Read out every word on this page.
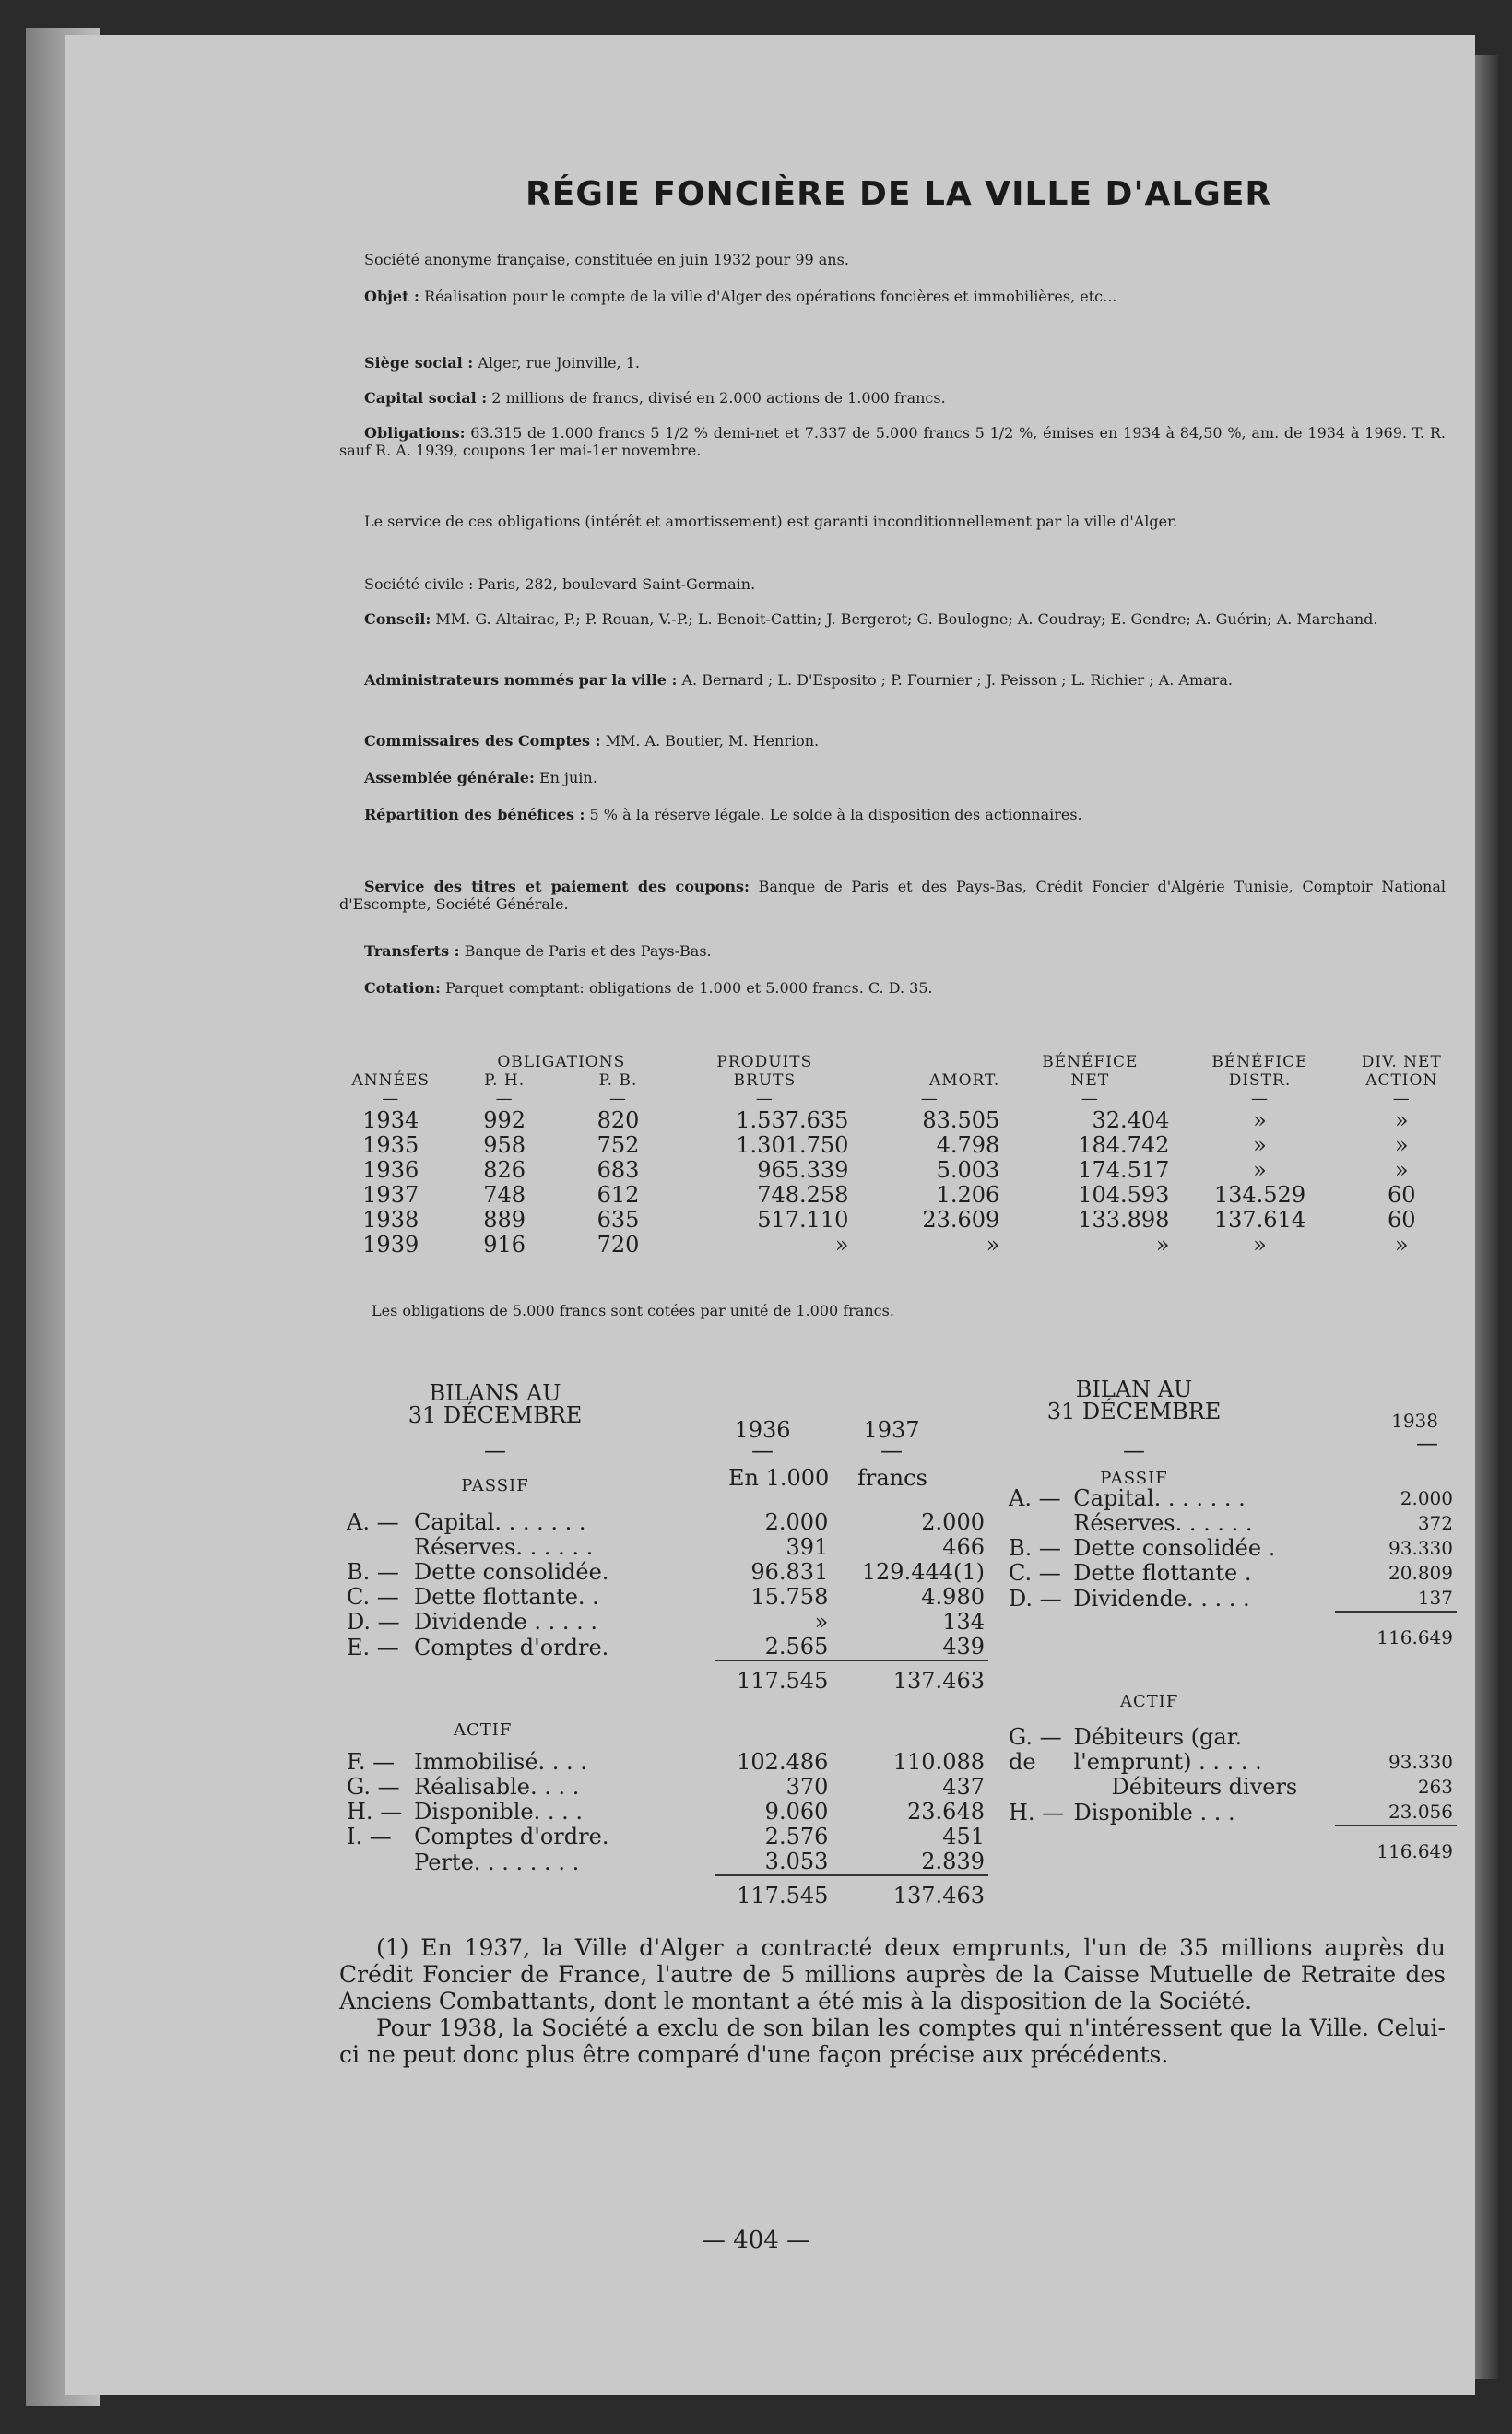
RÉGIE FONCIÈRE DE LA VILLE D'ALGER
Société anonyme française, constituée en juin 1932 pour 99 ans.
Objet : Réalisation pour le compte de la ville d'Alger des opérations foncières et immobilières, etc...
Siège social : Alger, rue Joinville, 1.
Capital social : 2 millions de francs, divisé en 2.000 actions de 1.000 francs.
Obligations: 63.315 de 1.000 francs 5 1/2 % demi-net et 7.337 de 5.000 francs 5 1/2 %, émises en 1934 à 84,50 %, am. de 1934 à 1969. T. R. sauf R. A. 1939, coupons 1er mai-1er novembre.
Le service de ces obligations (intérêt et amortissement) est garanti inconditionnellement par la ville d'Alger.
Société civile : Paris, 282, boulevard Saint-Germain.
Conseil: MM. G. Altairac, P.; P. Rouan, V.-P.; L. Benoit-Cattin; J. Bergerot; G. Boulogne; A. Coudray; E. Gendre; A. Guérin; A. Marchand.
Administrateurs nommés par la ville : A. Bernard ; L. D'Esposito ; P. Fournier ; J. Peisson ; L. Richier ; A. Amara.
Commissaires des Comptes : MM. A. Boutier, M. Henrion.
Assemblée générale: En juin.
Répartition des bénéfices : 5 % à la réserve légale. Le solde à la disposition des actionnaires.
Service des titres et paiement des coupons: Banque de Paris et des Pays-Bas, Crédit Foncier d'Algérie Tunisie, Comptoir National d'Escompte, Société Générale.
Transferts : Banque de Paris et des Pays-Bas.
Cotation: Parquet comptant: obligations de 1.000 et 5.000 francs. C. D. 35.
ANNÉES	OBLIGATIONS		PRODUITS	AMORT.	BÉNÉFICE	BÉNÉFICE	DIV. NET
	P. H.	P. B.	BRUTS		NET	DISTR.	ACTION

—	—	—	—	—	—	—	—

1934	992	820	1.537.635	83.505	32.404	»	»
1935	958	752	1.301.750	4.798	184.742	»	»
1936	826	683	965.339	5.003	174.517	»	»
1937	748	612	748.258	1.206	104.593	134.529	60
1938	889	635	517.110	23.609	133.898	137.614	60
1939	916	720	»	»	»	»	»
Les obligations de 5.000 francs sont cotées par unité de 1.000 francs.
BILANS AU
31 DÉCEMBRE
1936	1937
—	—	—
PASSIF	En 1.000 francs
A. —	Capital. . . . . . .	2.000	2.000
	Réserves. . . . . .	391	466
B. —	Dette consolidée.	96.831	129.444(1)
C. —	Dette flottante. .	15.758	4.980
D. —	Dividende . . . . .	»	134
E. —	Comptes d'ordre.	2.565	439
		117.545	137.463
ACTIF
F. —	Immobilisé. . . .	102.486	110.088
G. —	Réalisable. . . .	370	437
H. —	Disponible. . . .	9.060	23.648
I. —	Comptes d'ordre.	2.576	451
	Perte. . . . . . . .	3.053	2.839
		117.545	137.463
BILAN AU
31 DÉCEMBRE	1938
—
—
PASSIF
A. —	Capital. . . . . . .	2.000
	Réserves. . . . . .	372
B. —	Dette consolidée .	93.330
C. —	Dette flottante .	20.809
D. —	Dividende. . . . .	137
		116.649
ACTIF
G. —	Débiteurs (gar.	
de	l'emprunt) . . . . .	93.330
	Débiteurs divers	263
H. —	Disponible . . .	23.056
		116.649

(1) En 1937, la Ville d'Alger a contracté deux emprunts, l'un de 35 millions auprès du Crédit Foncier de France, l'autre de 5 millions auprès de la Caisse Mutuelle de Retraite des Anciens Combattants, dont le montant a été mis à la disposition de la Société.

Pour 1938, la Société a exclu de son bilan les comptes qui n'intéressent que la Ville. Celui-ci ne peut donc plus être comparé d'une façon précise aux précédents.

— 404 —
